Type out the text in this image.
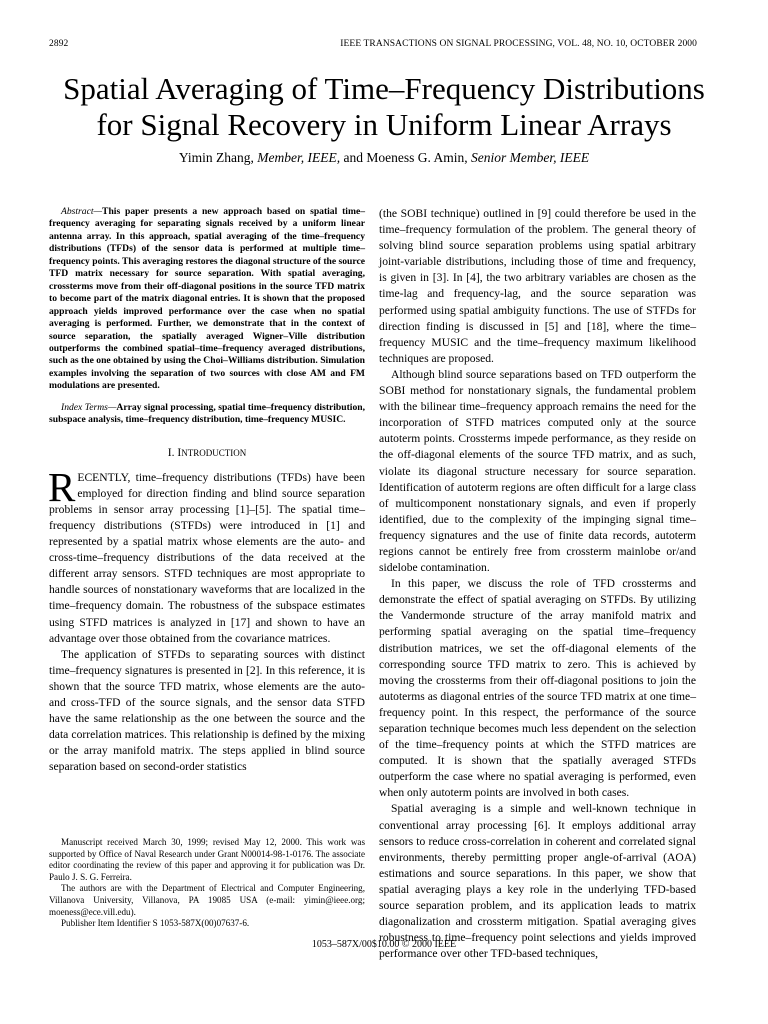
2892	IEEE TRANSACTIONS ON SIGNAL PROCESSING, VOL. 48, NO. 10, OCTOBER 2000
Spatial Averaging of Time–Frequency Distributions
for Signal Recovery in Uniform Linear Arrays
Yimin Zhang, Member, IEEE, and Moeness G. Amin, Senior Member, IEEE

Abstract—This paper presents a new approach based on spatial time–frequency averaging for separating signals received by a uniform linear antenna array. In this approach, spatial averaging of the time–frequency distributions (TFDs) of the sensor data is performed at multiple time–frequency points. This averaging restores the diagonal structure of the source TFD matrix necessary for source separation. With spatial averaging, crossterms move from their off-diagonal positions in the source TFD matrix to become part of the matrix diagonal entries. It is shown that the proposed approach yields improved performance over the case when no spatial averaging is performed. Further, we demonstrate that in the context of source separation, the spatially averaged Wigner–Ville distribution outperforms the combined spatial–time–frequency averaged distributions, such as the one obtained by using the Choi–Williams distribution. Simulation examples involving the separation of two sources with close AM and FM modulations are presented.

Index Terms—Array signal processing, spatial time–frequency distribution, subspace analysis, time–frequency distribution, time–frequency MUSIC.

I. INTRODUCTION

RECENTLY, time–frequency distributions (TFDs) have been employed for direction finding and blind source separation problems in sensor array processing [1]–[5]. The spatial time–frequency distributions (STFDs) were introduced in [1] and represented by a spatial matrix whose elements are the auto- and cross-time–frequency distributions of the data received at the different array sensors. STFD techniques are most appropriate to handle sources of nonstationary waveforms that are localized in the time–frequency domain. The robustness of the subspace estimates using STFD matrices is analyzed in [17] and shown to have an advantage over those obtained from the covariance matrices.

The application of STFDs to separating sources with distinct time–frequency signatures is presented in [2]. In this reference, it is shown that the source TFD matrix, whose elements are the auto- and cross-TFD of the source signals, and the sensor data STFD have the same relationship as the one between the source and the data correlation matrices. This relationship is defined by the mixing or the array manifold matrix. The steps applied in blind source separation based on second-order statistics

(the SOBI technique) outlined in [9] could therefore be used in the time–frequency formulation of the problem. The general theory of solving blind source separation problems using spatial arbitrary joint-variable distributions, including those of time and frequency, is given in [3]. In [4], the two arbitrary variables are chosen as the time-lag and frequency-lag, and the source separation was performed using spatial ambiguity functions. The use of STFDs for direction finding is discussed in [5] and [18], where the time–frequency MUSIC and the time–frequency maximum likelihood techniques are proposed.

Although blind source separations based on TFD outperform the SOBI method for nonstationary signals, the fundamental problem with the bilinear time–frequency approach remains the need for the incorporation of STFD matrices computed only at the source autoterm points. Crossterms impede performance, as they reside on the off-diagonal elements of the source TFD matrix, and as such, violate its diagonal structure necessary for source separation. Identification of autoterm regions are often difficult for a large class of multicomponent nonstationary signals, and even if properly identified, due to the complexity of the impinging signal time–frequency signatures and the use of finite data records, autoterm regions cannot be entirely free from crossterm mainlobe or/and sidelobe contamination.

In this paper, we discuss the role of TFD crossterms and demonstrate the effect of spatial averaging on STFDs. By utilizing the Vandermonde structure of the array manifold matrix and performing spatial averaging on the spatial time–frequency distribution matrices, we set the off-diagonal elements of the corresponding source TFD matrix to zero. This is achieved by moving the crossterms from their off-diagonal positions to join the autoterms as diagonal entries of the source TFD matrix at one time–frequency point. In this respect, the performance of the source separation technique becomes much less dependent on the selection of the time–frequency points at which the STFD matrices are computed. It is shown that the spatially averaged STFDs outperform the case where no spatial averaging is performed, even when only autoterm points are involved in both cases.

Spatial averaging is a simple and well-known technique in conventional array processing [6]. It employs additional array sensors to reduce cross-correlation in coherent and correlated signal environments, thereby permitting proper angle-of-arrival (AOA) estimations and source separations. In this paper, we show that spatial averaging plays a key role in the underlying TFD-based source separation problem, and its application leads to matrix diagonalization and crossterm mitigation. Spatial averaging gives robustness to time–frequency point selections and yields improved performance over other TFD-based techniques,

Manuscript received March 30, 1999; revised May 12, 2000. This work was supported by Office of Naval Research under Grant N00014-98-1-0176. The associate editor coordinating the review of this paper and approving it for publication was Dr. Paulo J. S. G. Ferreira.

The authors are with the Department of Electrical and Computer Engineering, Villanova University, Villanova, PA 19085 USA (e-mail: yimin@ieee.org; moeness@ece.vill.edu).

Publisher Item Identifier S 1053-587X(00)07637-6.

1053–587X/00$10.00 © 2000 IEEE
